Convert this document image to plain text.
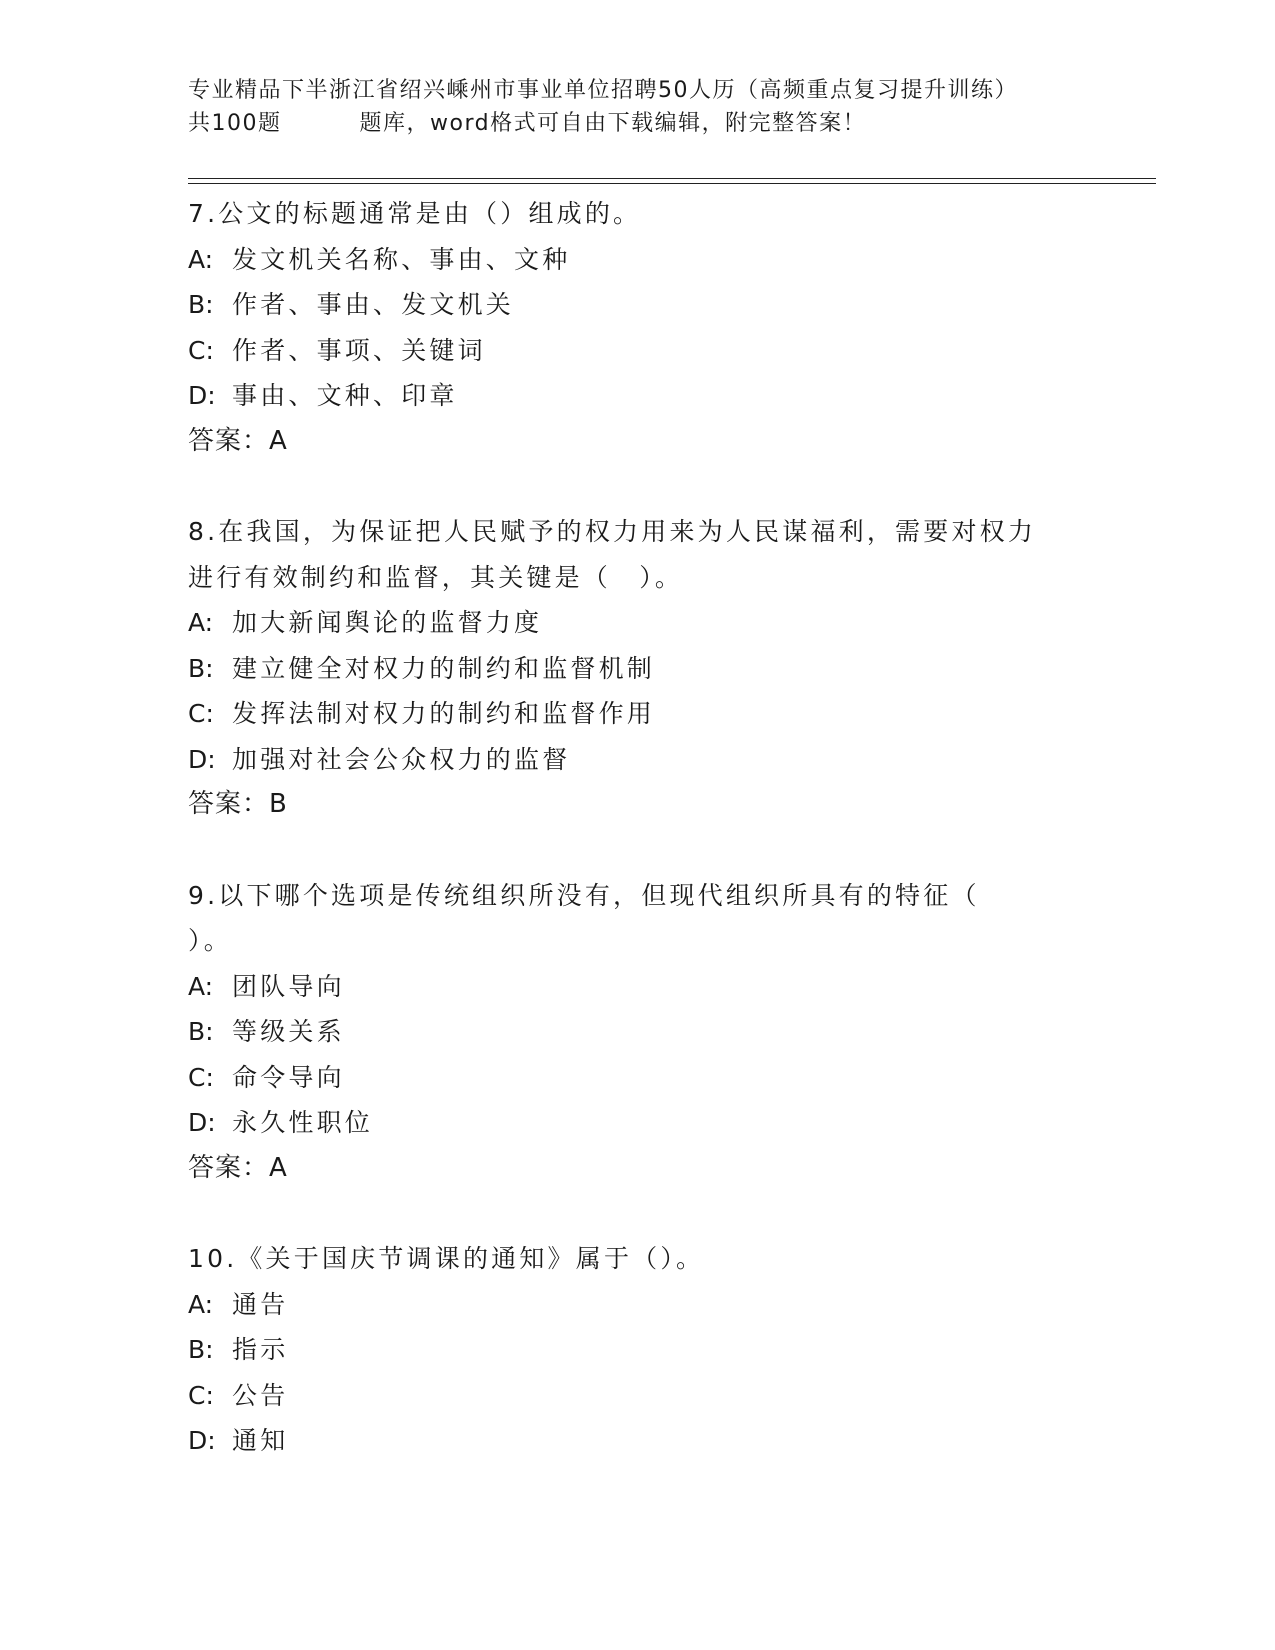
专业精品下半浙江省绍兴嵊州市事业单位招聘50人历（高频重点复习提升训练）
共100题	题库，word格式可自由下载编辑，附完整答案！
7.公文的标题通常是由（）组成的。
A: 发文机关名称、事由、文种
B: 作者、事由、发文机关
C: 作者、事项、关键词
D: 事由、文种、印章
答案：A
8.在我国，为保证把人民赋予的权力用来为人民谋福利，需要对权力
进行有效制约和监督，其关键是（　）。
A: 加大新闻舆论的监督力度
B: 建立健全对权力的制约和监督机制
C: 发挥法制对权力的制约和监督作用
D: 加强对社会公众权力的监督
答案：B
9.以下哪个选项是传统组织所没有，但现代组织所具有的特征（
）。
A: 团队导向
B: 等级关系
C: 命令导向
D: 永久性职位
答案：A
10.《关于国庆节调课的通知》属于（）。
A: 通告
B: 指示
C: 公告
D: 通知
